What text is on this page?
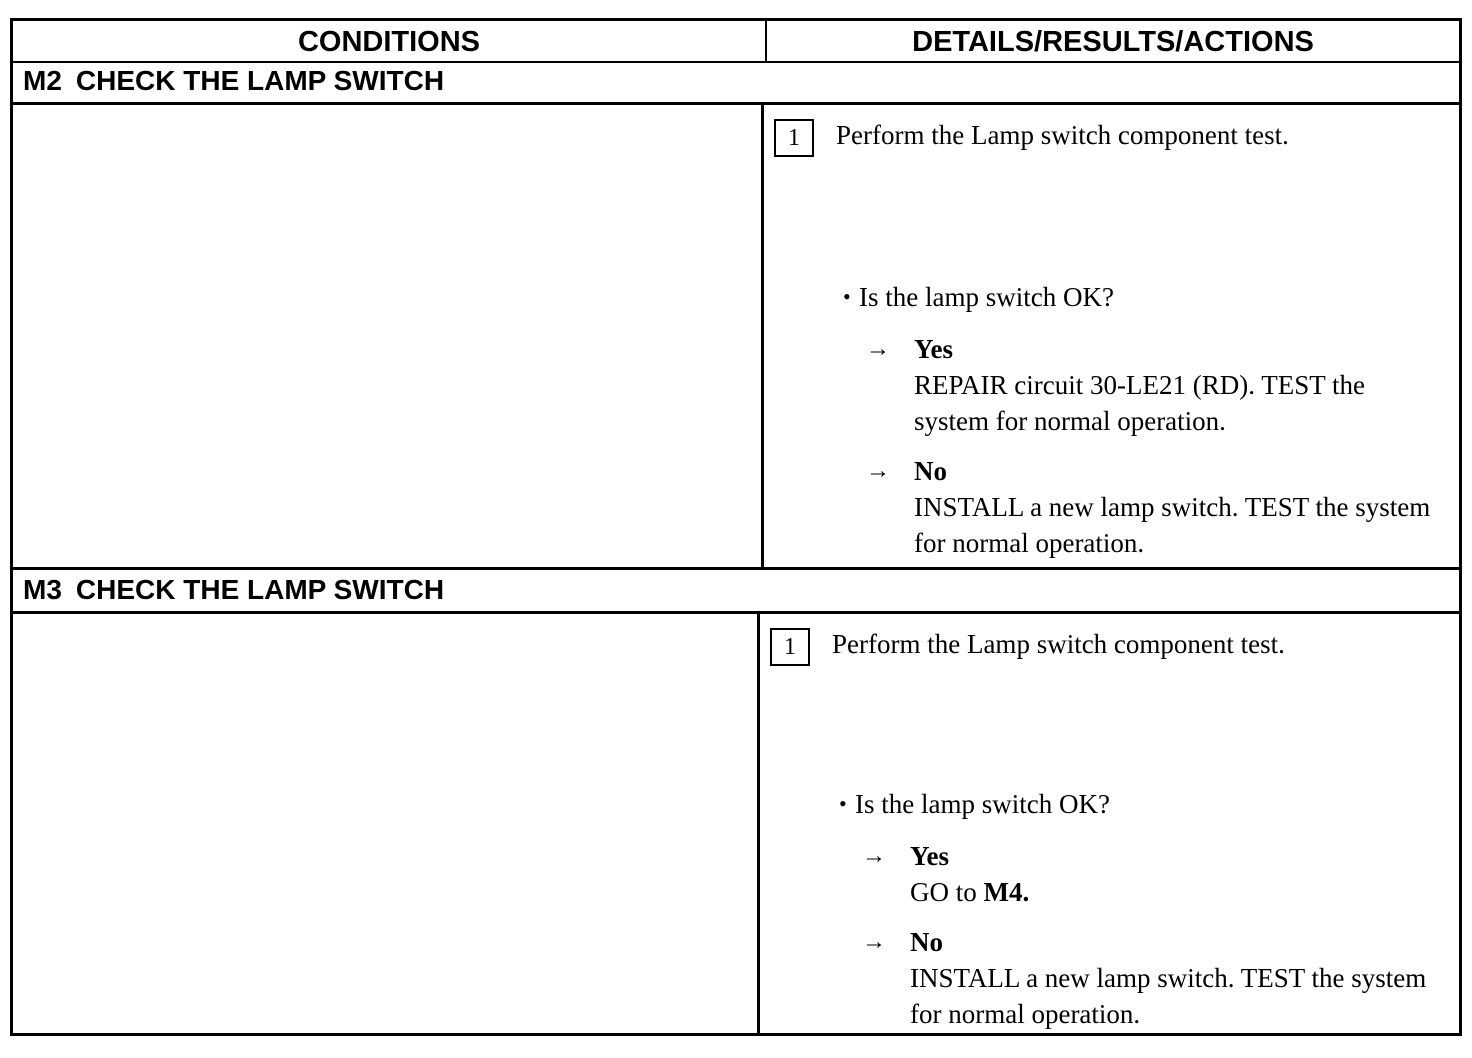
CONDITIONS	DETAILS/RESULTS/ACTIONS
M2 CHECK THE LAMP SWITCH
1	Perform the Lamp switch component test.
• Is the lamp switch OK?
→ Yes
REPAIR circuit 30-LE21 (RD). TEST the system for normal operation.
→ No
INSTALL a new lamp switch. TEST the system for normal operation.
M3 CHECK THE LAMP SWITCH
1	Perform the Lamp switch component test.
• Is the lamp switch OK?
→ Yes
GO to M4.
→ No
INSTALL a new lamp switch. TEST the system for normal operation.
